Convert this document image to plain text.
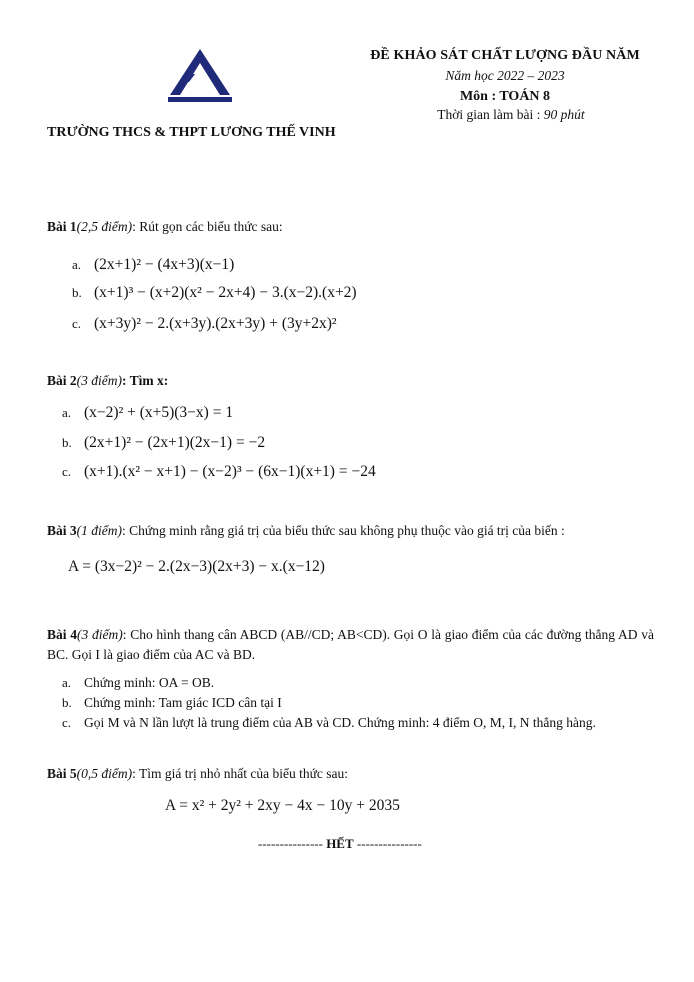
ĐỀ KHẢO SÁT CHẤT LƯỢNG ĐẦU NĂM
Năm học 2022 – 2023
Môn : TOÁN 8
Thời gian làm bài : 90 phút
TRƯỜNG THCS & THPT LƯƠNG THẾ VINH
Bài 1(2,5 điểm): Rút gọn các biểu thức sau:
a. (2x+1)² − (4x+3)(x−1)
b. (x+1)³ − (x+2)(x² − 2x+4) − 3.(x−2).(x+2)
c. (x+3y)² − 2.(x+3y).(2x+3y) + (3y+2x)²
Bài 2(3 điểm): Tìm x:
a. (x−2)² + (x+5)(3−x) = 1
b. (2x+1)² − (2x+1)(2x−1) = −2
c. (x+1).(x² − x+1) − (x−2)³ − (6x−1)(x+1) = −24
Bài 3(1 điểm): Chứng minh rằng giá trị của biểu thức sau không phụ thuộc vào giá trị của biến :
A = (3x−2)² − 2.(2x−3)(2x+3) − x.(x−12)
Bài 4(3 điểm): Cho hình thang cân ABCD (AB//CD; AB<CD). Gọi O là giao điểm của các đường thẳng AD và BC. Gọi I là giao điểm của AC và BD.
a. Chứng minh: OA = OB.
b. Chứng minh: Tam giác ICD cân tại I
c. Gọi M và N lần lượt là trung điểm của AB và CD. Chứng minh: 4 điểm O, M, I, N thẳng hàng.
Bài 5(0,5 điểm): Tìm giá trị nhỏ nhất của biểu thức sau:
A = x² + 2y² + 2xy − 4x − 10y + 2035
--------------- HẾT ---------------
